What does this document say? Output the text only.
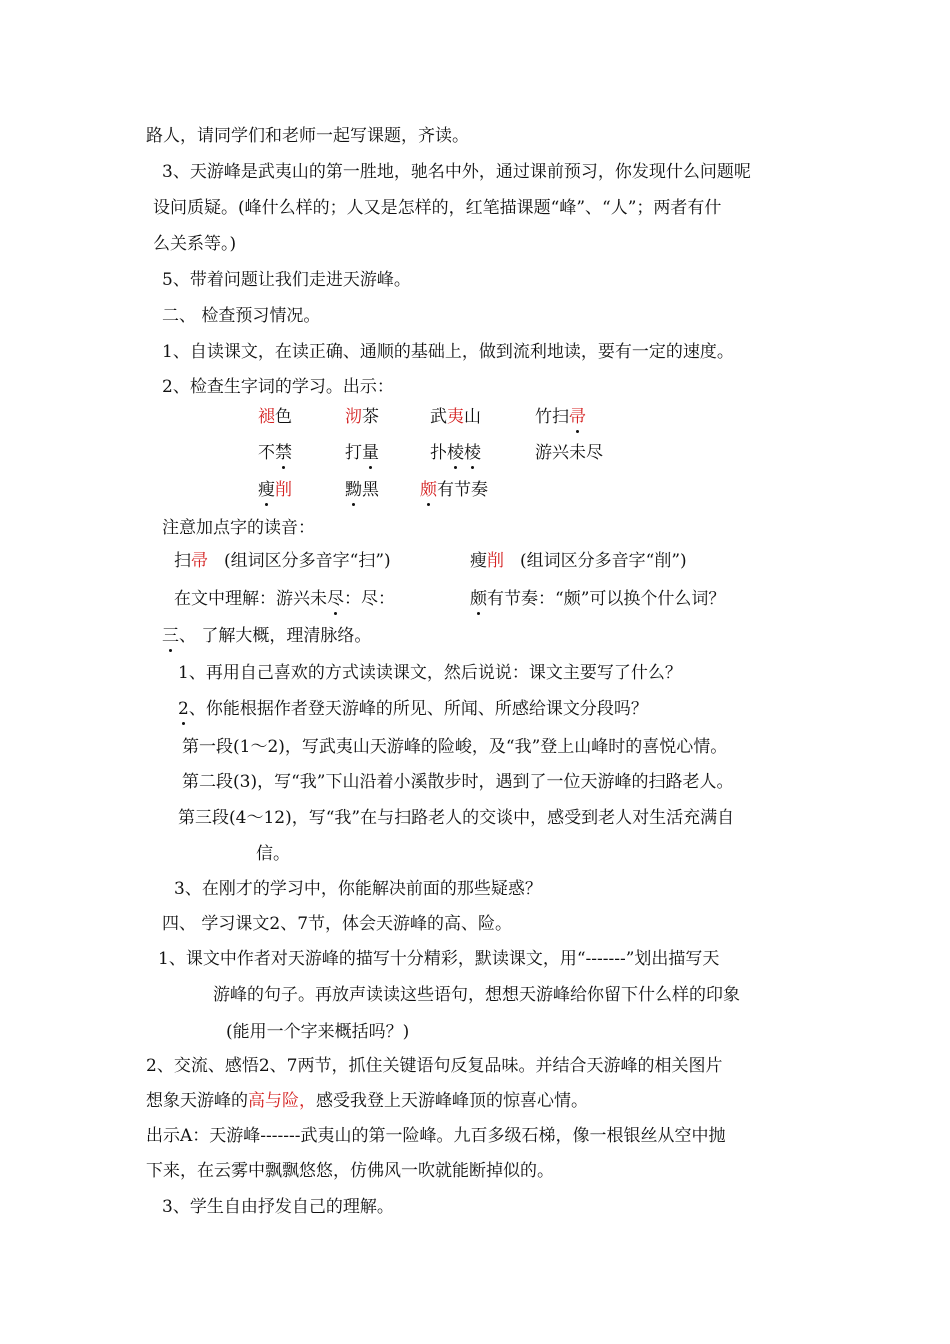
路人，请同学们和老师一起写课题，齐读。
3、天游峰是武夷山的第一胜地，驰名中外，通过课前预习，你发现什么问题呢
设问质疑。(峰什么样的；人又是怎样的，红笔描课题“峰”、“人”；两者有什
么关系等。)
5、带着问题让我们走进天游峰。
二、 检查预习情况。
1、自读课文，在读正确、通顺的基础上，做到流利地读，要有一定的速度。
2、检查生字词的学习。出示：
褪色	沏茶	武夷山	竹扫帚
不禁	打量	扑棱棱	游兴未尽
瘦削	黝黑 颇有节奏
注意加点字的读音：
扫帚 (组词区分多音字“扫”)	瘦削 (组词区分多音字“削”)
在文中理解：游兴未尽：尽：	颇有节奏：“颇”可以换个什么词？
三、 了解大概，理清脉络。
1、再用自己喜欢的方式读读课文，然后说说：课文主要写了什么？
2、你能根据作者登天游峰的所见、所闻、所感给课文分段吗？
第一段(1～2)，写武夷山天游峰的险峻，及“我”登上山峰时的喜悦心情。
第二段(3)，写“我”下山沿着小溪散步时，遇到了一位天游峰的扫路老人。
第三段(4～12)，写“我”在与扫路老人的交谈中，感受到老人对生活充满自
信。
3、在刚才的学习中，你能解决前面的那些疑惑？
四、 学习课文2、7节，体会天游峰的高、险。
1、课文中作者对天游峰的描写十分精彩，默读课文，用“-------”划出描写天
游峰的句子。再放声读读这些语句，想想天游峰给你留下什么样的印象
(能用一个字来概括吗？)
2、交流、感悟2、7两节，抓住关键语句反复品味。并结合天游峰的相关图片
想象天游峰的高与险，感受我登上天游峰峰顶的惊喜心情。
出示A：天游峰-------武夷山的第一险峰。九百多级石梯，像一根银丝从空中抛
下来，在云雾中飘飘悠悠，仿佛风一吹就能断掉似的。
3、学生自由抒发自己的理解。
